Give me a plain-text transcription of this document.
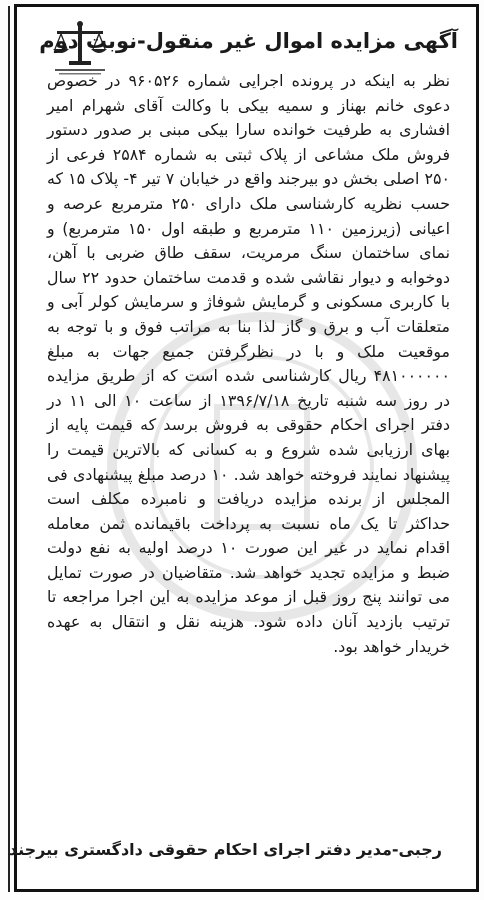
آگهی مزایده اموال غیر منقول-نوبت دوم

نظر به اینکه در پرونده اجرایی شماره ۹۶۰۵۲۶ در خصوص دعوی خانم بهناز و سمیه بیکی با وکالت آقای شهرام امیر افشاری به طرفیت خوانده سارا بیکی مبنی بر صدور دستور فروش ملک مشاعی از پلاک ثبتی به شماره ۲۵۸۴ فرعی از ۲۵۰ اصلی بخش دو بیرجند واقع در خیابان ۷ تیر ۴- پلاک ۱۵ که حسب نظریه کارشناسی ملک دارای ۲۵۰ مترمربع عرصه و اعیانی (زیرزمین ۱۱۰ مترمربع و طبقه اول ۱۵۰ مترمربع) و نمای ساختمان سنگ مرمریت، سقف طاق ضربی با آهن، دوخوابه و دیوار نقاشی شده و قدمت ساختمان حدود ۲۲ سال با کاربری مسکونی و گرمایش شوفاژ و سرمایش کولر آبی و متعلقات آب و برق و گاز لذا بنا به مراتب فوق و با توجه به موقعیت ملک و با در نظرگرفتن جمیع جهات به مبلغ ۴۸۱۰۰۰۰۰۰ ریال کارشناسی شده است که از طریق مزایده در روز سه شنبه تاریخ ۱۳۹۶/۷/۱۸ از ساعت ۱۰ الی ۱۱ در دفتر اجرای احکام حقوقی به فروش برسد که قیمت پایه از بهای ارزیابی شده شروع و به کسانی که بالاترین قیمت را پیشنهاد نمایند فروخته خواهد شد. ۱۰ درصد مبلغ پیشنهادی فی المجلس از برنده مزایده دریافت و نامبرده مکلف است حداکثر تا یک ماه نسبت به پرداخت باقیمانده ثمن معامله اقدام نماید در غیر این صورت ۱۰ درصد اولیه به نفع دولت ضبط و مزایده تجدید خواهد شد. متقاضیان در صورت تمایل می توانند پنج روز قبل از موعد مزایده به این اجرا مراجعه تا ترتیب بازدید آنان داده شود. هزینه نقل و انتقال به عهده خریدار خواهد بود.

رجبی-مدیر دفتر اجرای احکام حقوقی دادگستری بیرجند
